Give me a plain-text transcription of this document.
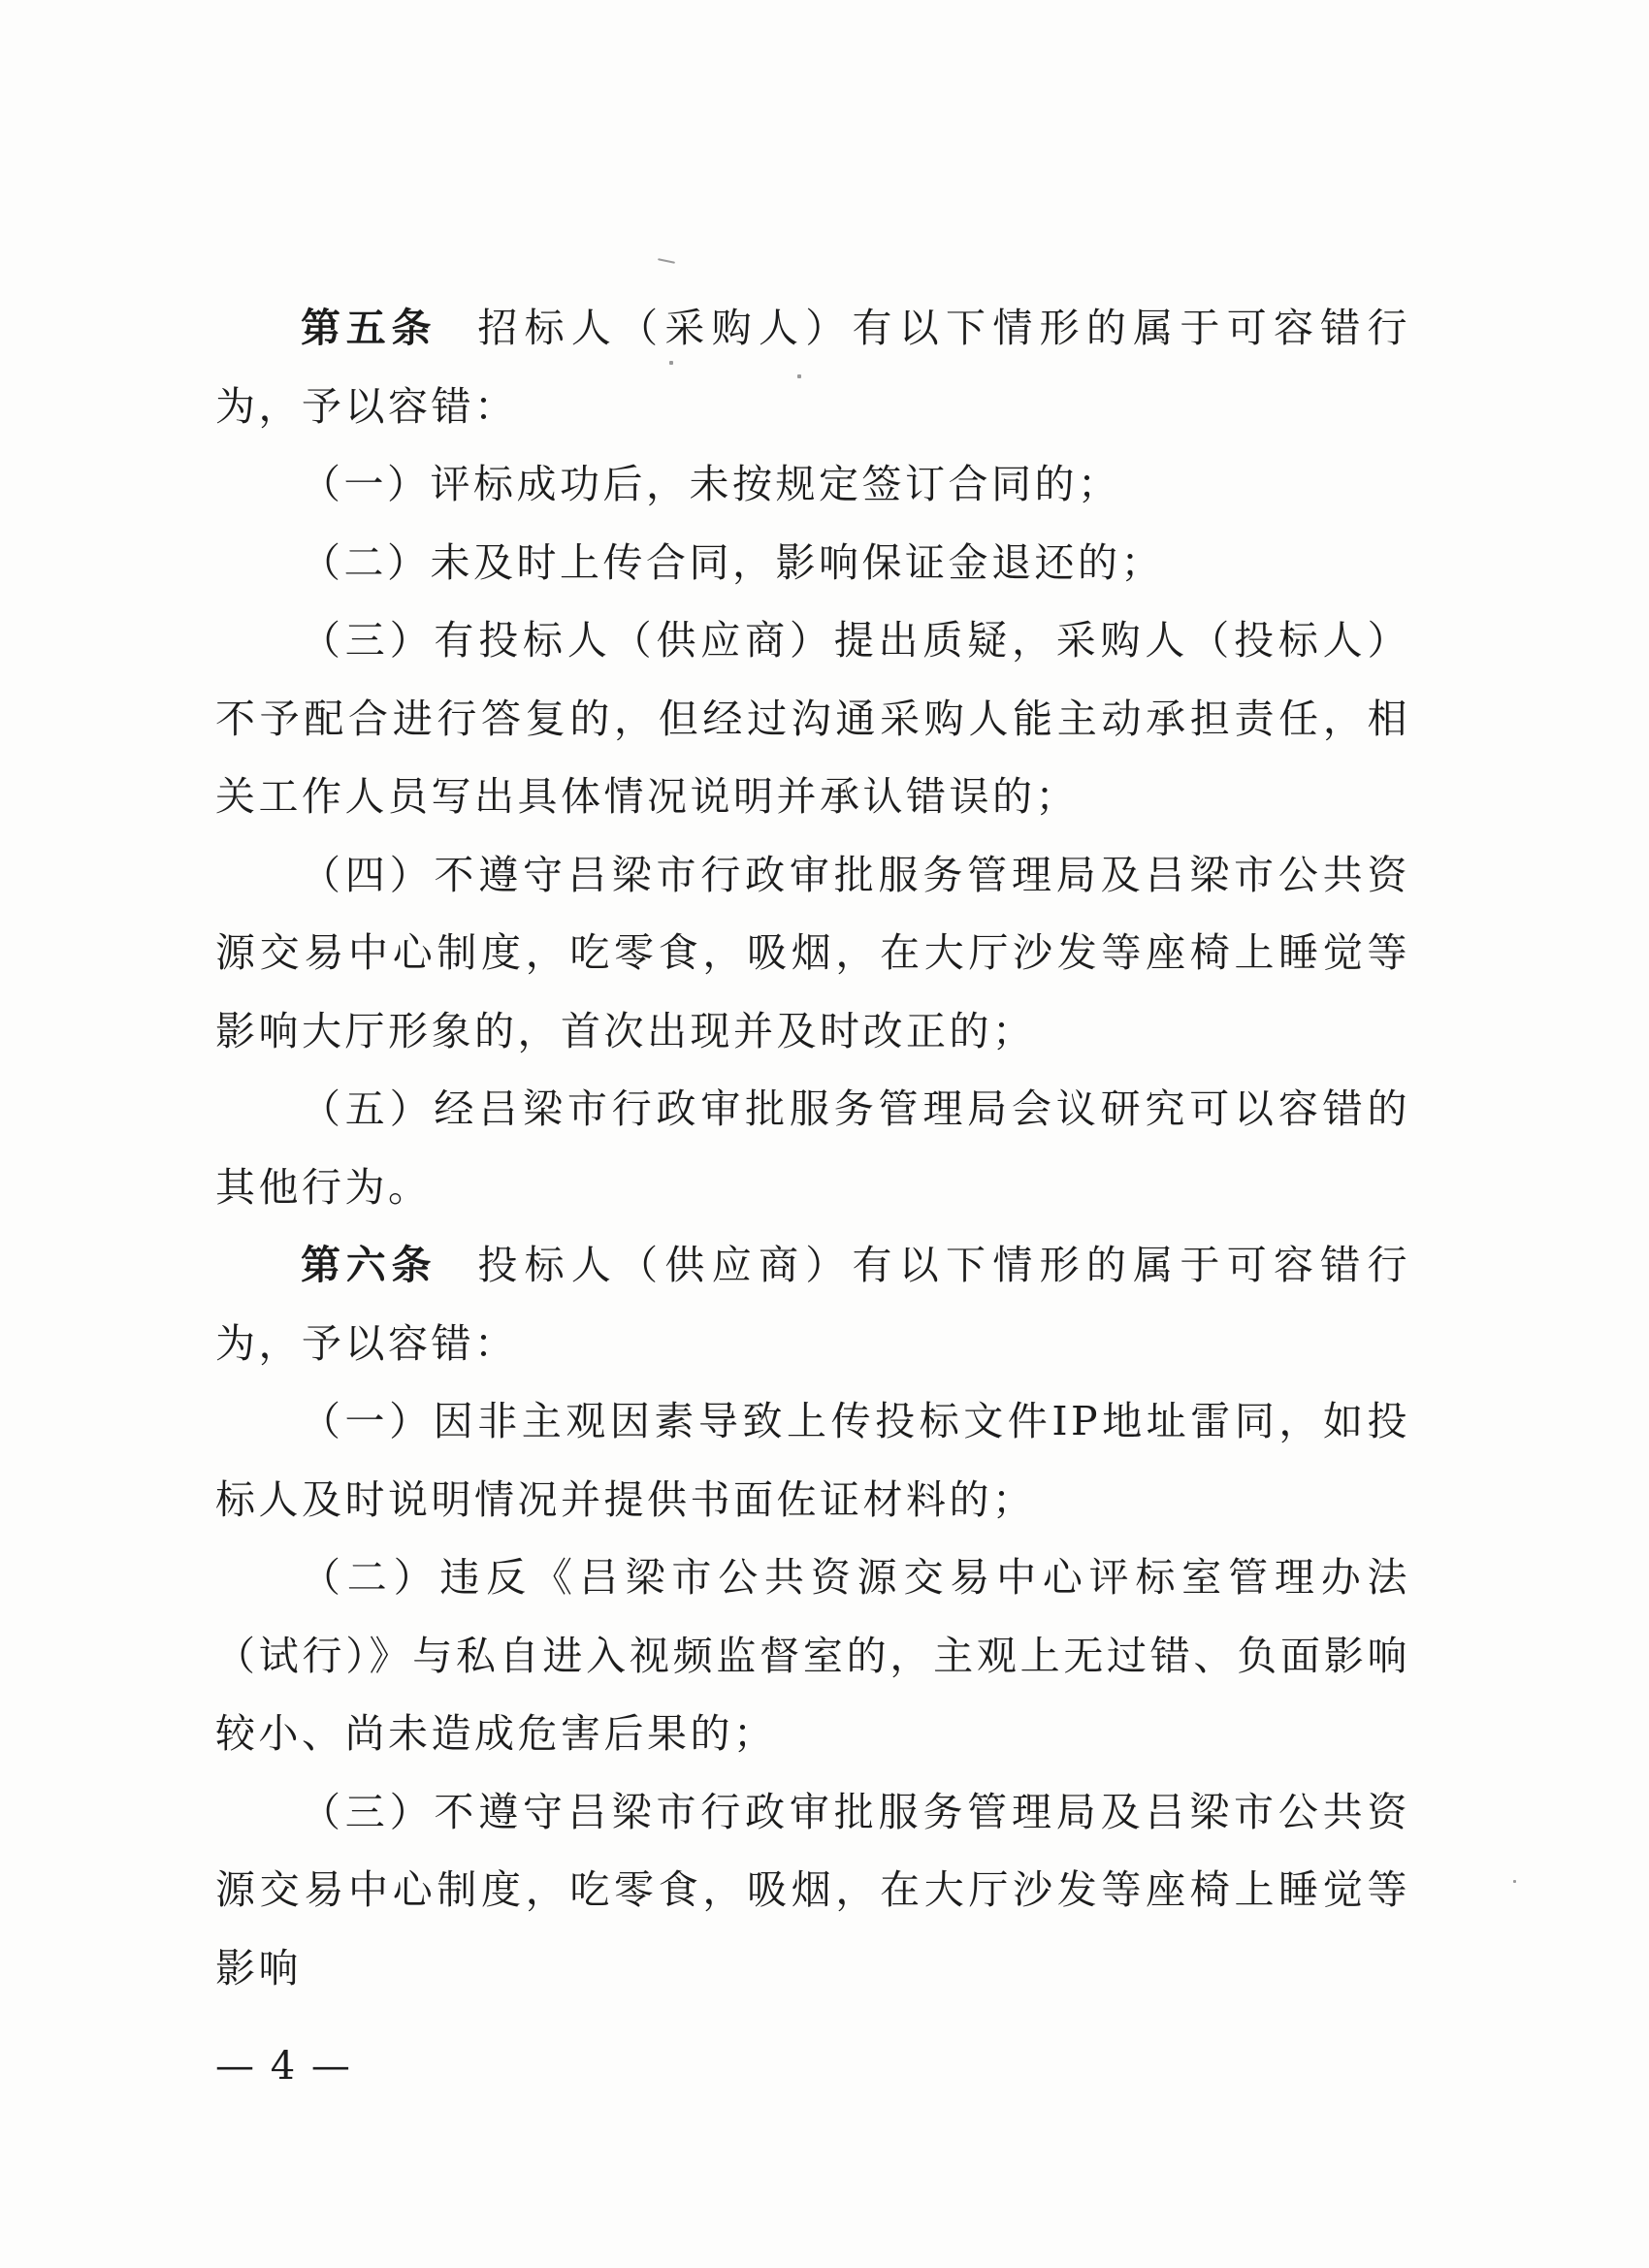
第五条 招标人（采购人）有以下情形的属于可容错行为，予以容错：

（一）评标成功后，未按规定签订合同的；

（二）未及时上传合同，影响保证金退还的；

（三）有投标人（供应商）提出质疑，采购人（投标人）不予配合进行答复的，但经过沟通采购人能主动承担责任，相关工作人员写出具体情况说明并承认错误的；

（四）不遵守吕梁市行政审批服务管理局及吕梁市公共资源交易中心制度，吃零食，吸烟，在大厅沙发等座椅上睡觉等影响大厅形象的，首次出现并及时改正的；

（五）经吕梁市行政审批服务管理局会议研究可以容错的其他行为。

第六条 投标人（供应商）有以下情形的属于可容错行为，予以容错：

（一）因非主观因素导致上传投标文件IP地址雷同，如投标人及时说明情况并提供书面佐证材料的；

（二）违反《吕梁市公共资源交易中心评标室管理办法（试行）》与私自进入视频监督室的，主观上无过错、负面影响较小、尚未造成危害后果的；

（三）不遵守吕梁市行政审批服务管理局及吕梁市公共资源交易中心制度，吃零食，吸烟，在大厅沙发等座椅上睡觉等影响

— 4 —
